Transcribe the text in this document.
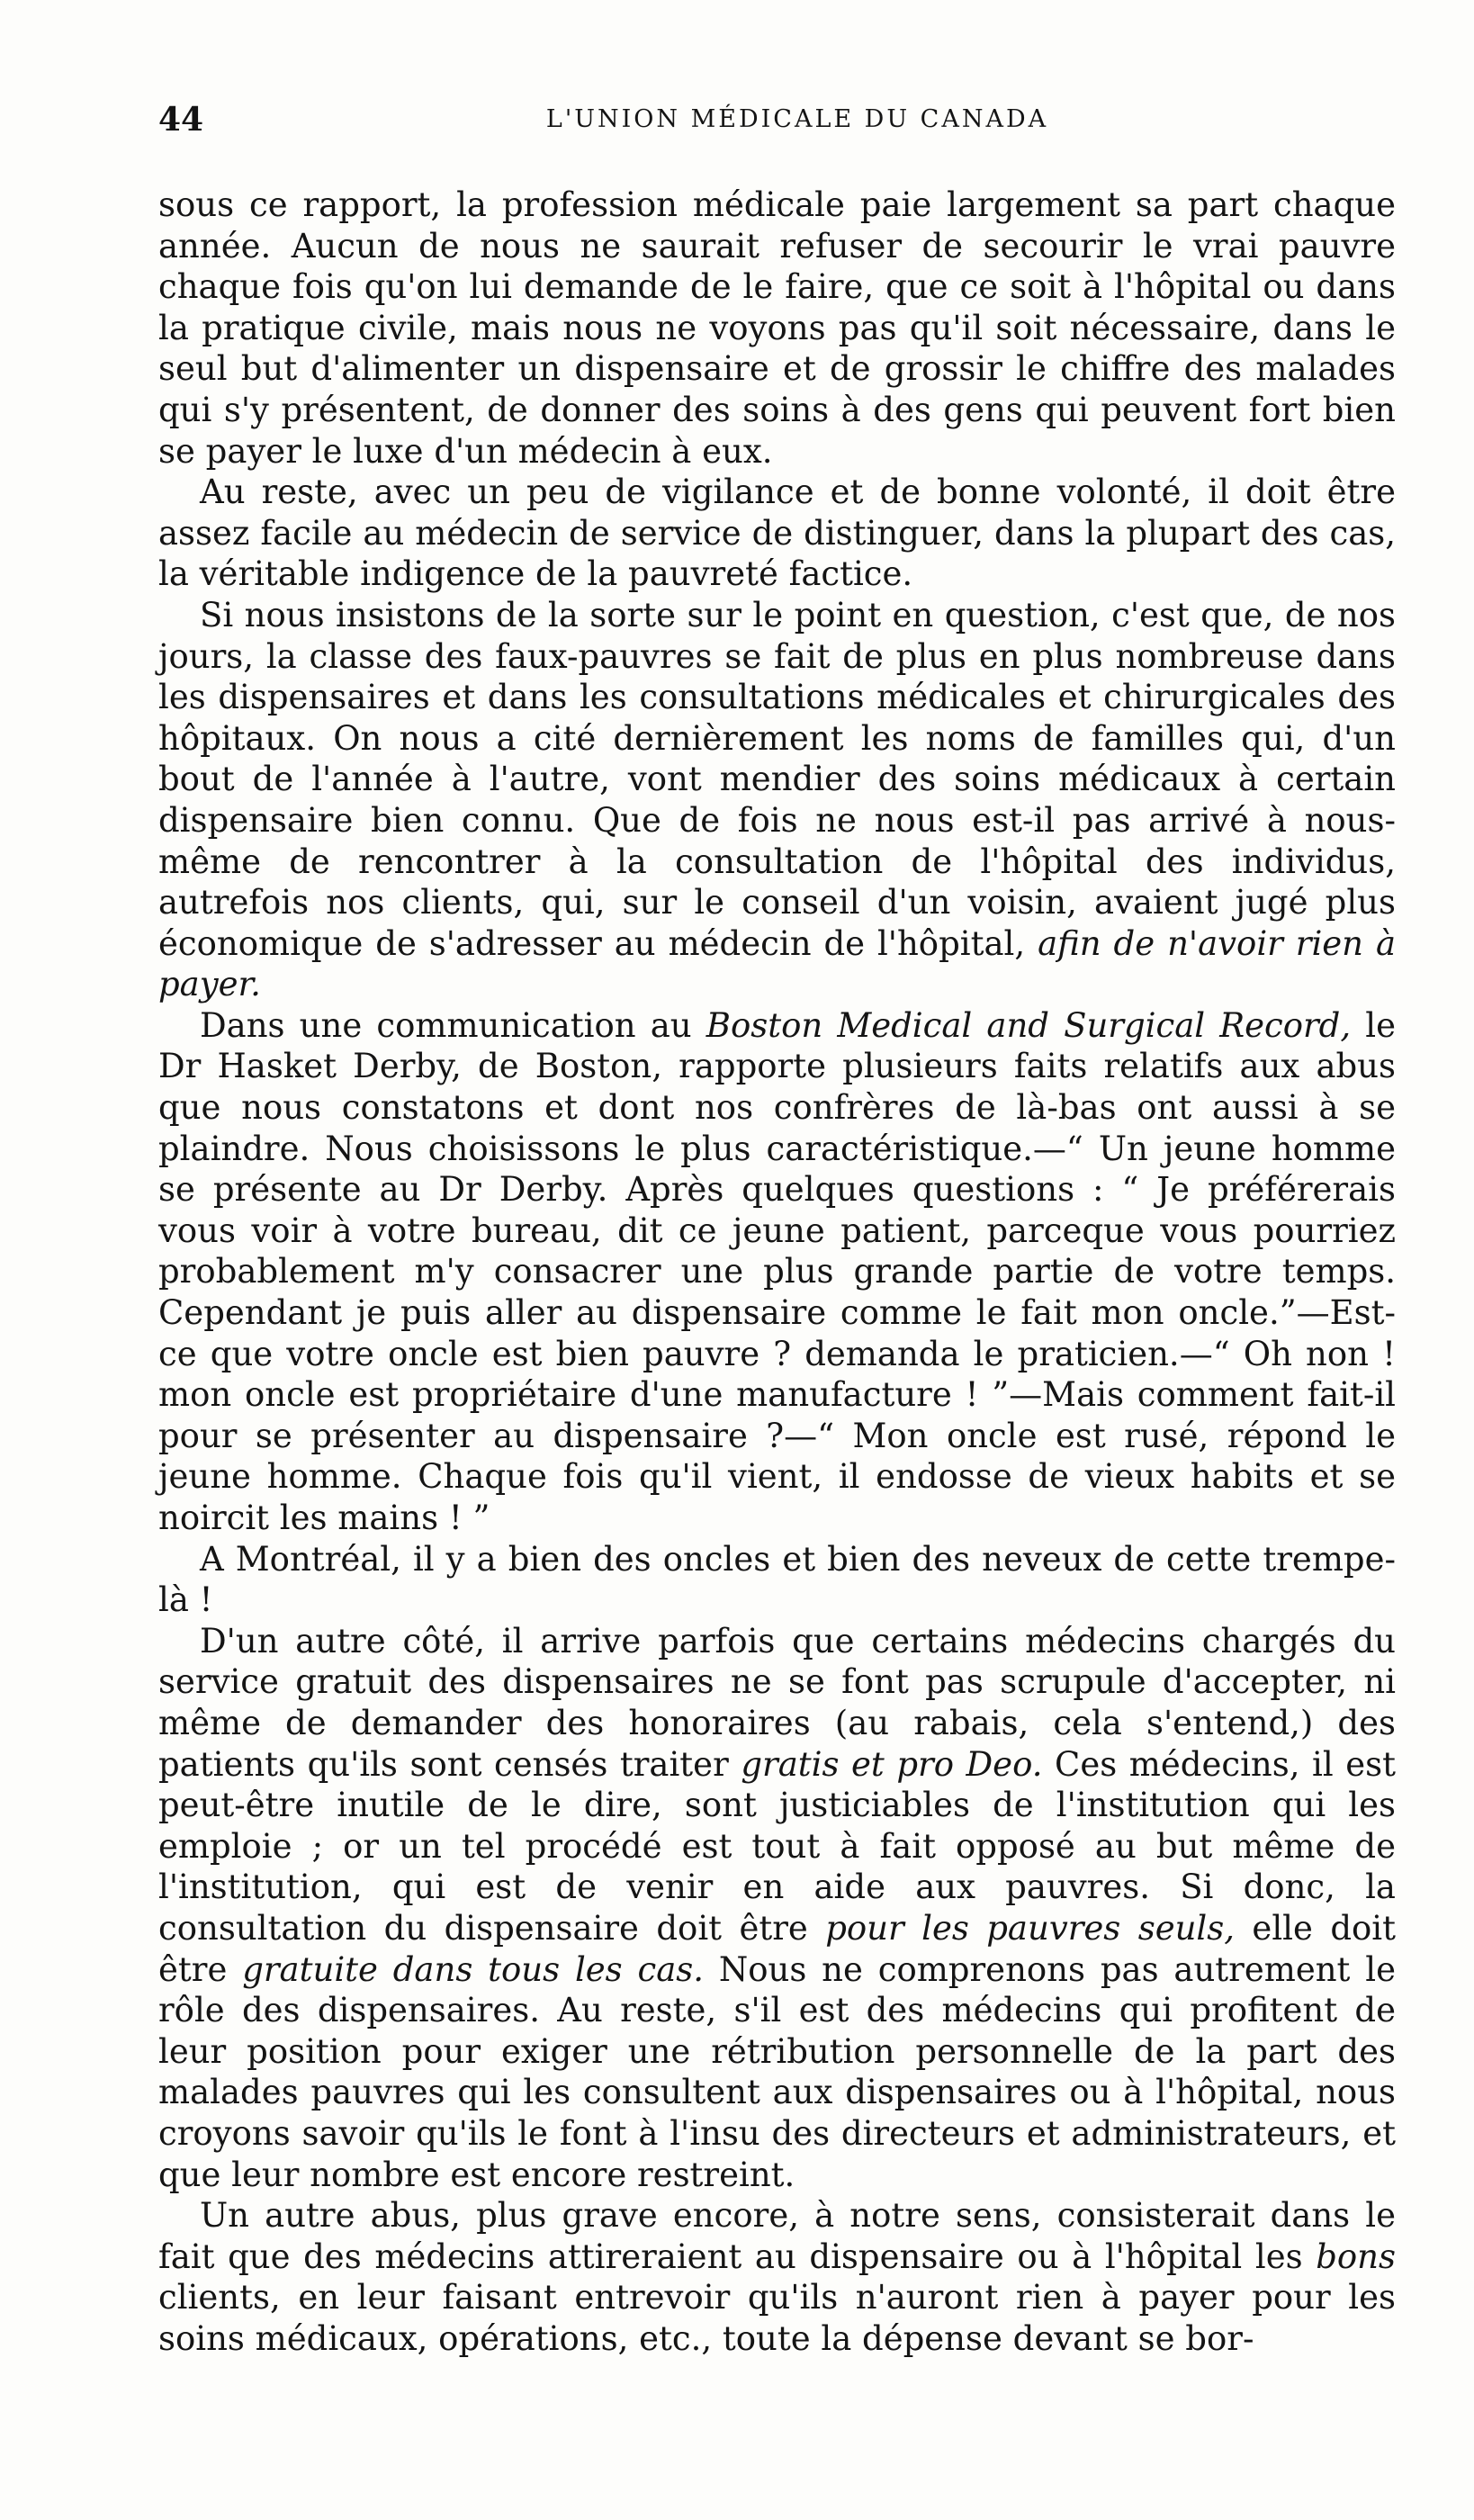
44	L'UNION MÉDICALE DU CANADA

sous ce rapport, la profession médicale paie largement sa part chaque année. Aucun de nous ne saurait refuser de secourir le vrai pauvre chaque fois qu'on lui demande de le faire, que ce soit à l'hôpital ou dans la pratique civile, mais nous ne voyons pas qu'il soit nécessaire, dans le seul but d'alimenter un dispensaire et de grossir le chiffre des malades qui s'y présentent, de donner des soins à des gens qui peuvent fort bien se payer le luxe d'un médecin à eux.

Au reste, avec un peu de vigilance et de bonne volonté, il doit être assez facile au médecin de service de distinguer, dans la plupart des cas, la véritable indigence de la pauvreté factice.

Si nous insistons de la sorte sur le point en question, c'est que, de nos jours, la classe des faux-pauvres se fait de plus en plus nombreuse dans les dispensaires et dans les consultations médicales et chirurgicales des hôpitaux. On nous a cité dernièrement les noms de familles qui, d'un bout de l'année à l'autre, vont mendier des soins médicaux à certain dispensaire bien connu. Que de fois ne nous est-il pas arrivé à nous-même de rencontrer à la consultation de l'hôpital des individus, autrefois nos clients, qui, sur le conseil d'un voisin, avaient jugé plus économique de s'adresser au médecin de l'hôpital, afin de n'avoir rien à payer.

Dans une communication au Boston Medical and Surgical Record, le Dr Hasket Derby, de Boston, rapporte plusieurs faits relatifs aux abus que nous constatons et dont nos confrères de là-bas ont aussi à se plaindre. Nous choisissons le plus caractéristique.—“ Un jeune homme se présente au Dr Derby. Après quelques questions : “ Je préférerais vous voir à votre bureau, dit ce jeune patient, parceque vous pourriez probablement m'y consacrer une plus grande partie de votre temps. Cependant je puis aller au dispensaire comme le fait mon oncle.”—Est-ce que votre oncle est bien pauvre ? demanda le praticien.—“ Oh non ! mon oncle est propriétaire d'une manufacture ! ”—Mais comment fait-il pour se présenter au dispensaire ?—“ Mon oncle est rusé, répond le jeune homme. Chaque fois qu'il vient, il endosse de vieux habits et se noircit les mains ! ”

A Montréal, il y a bien des oncles et bien des neveux de cette trempe-là !

D'un autre côté, il arrive parfois que certains médecins chargés du service gratuit des dispensaires ne se font pas scrupule d'accepter, ni même de demander des honoraires (au rabais, cela s'entend,) des patients qu'ils sont censés traiter gratis et pro Deo. Ces médecins, il est peut-être inutile de le dire, sont justiciables de l'institution qui les emploie ; or un tel procédé est tout à fait opposé au but même de l'institution, qui est de venir en aide aux pauvres. Si donc, la consultation du dispensaire doit être pour les pauvres seuls, elle doit être gratuite dans tous les cas. Nous ne comprenons pas autrement le rôle des dispensaires. Au reste, s'il est des médecins qui profitent de leur position pour exiger une rétribution personnelle de la part des malades pauvres qui les consultent aux dispensaires ou à l'hôpital, nous croyons savoir qu'ils le font à l'insu des directeurs et administrateurs, et que leur nombre est encore restreint.

Un autre abus, plus grave encore, à notre sens, consisterait dans le fait que des médecins attireraient au dispensaire ou à l'hôpital les bons clients, en leur faisant entrevoir qu'ils n'auront rien à payer pour les soins médicaux, opérations, etc., toute la dépense devant se bor-
